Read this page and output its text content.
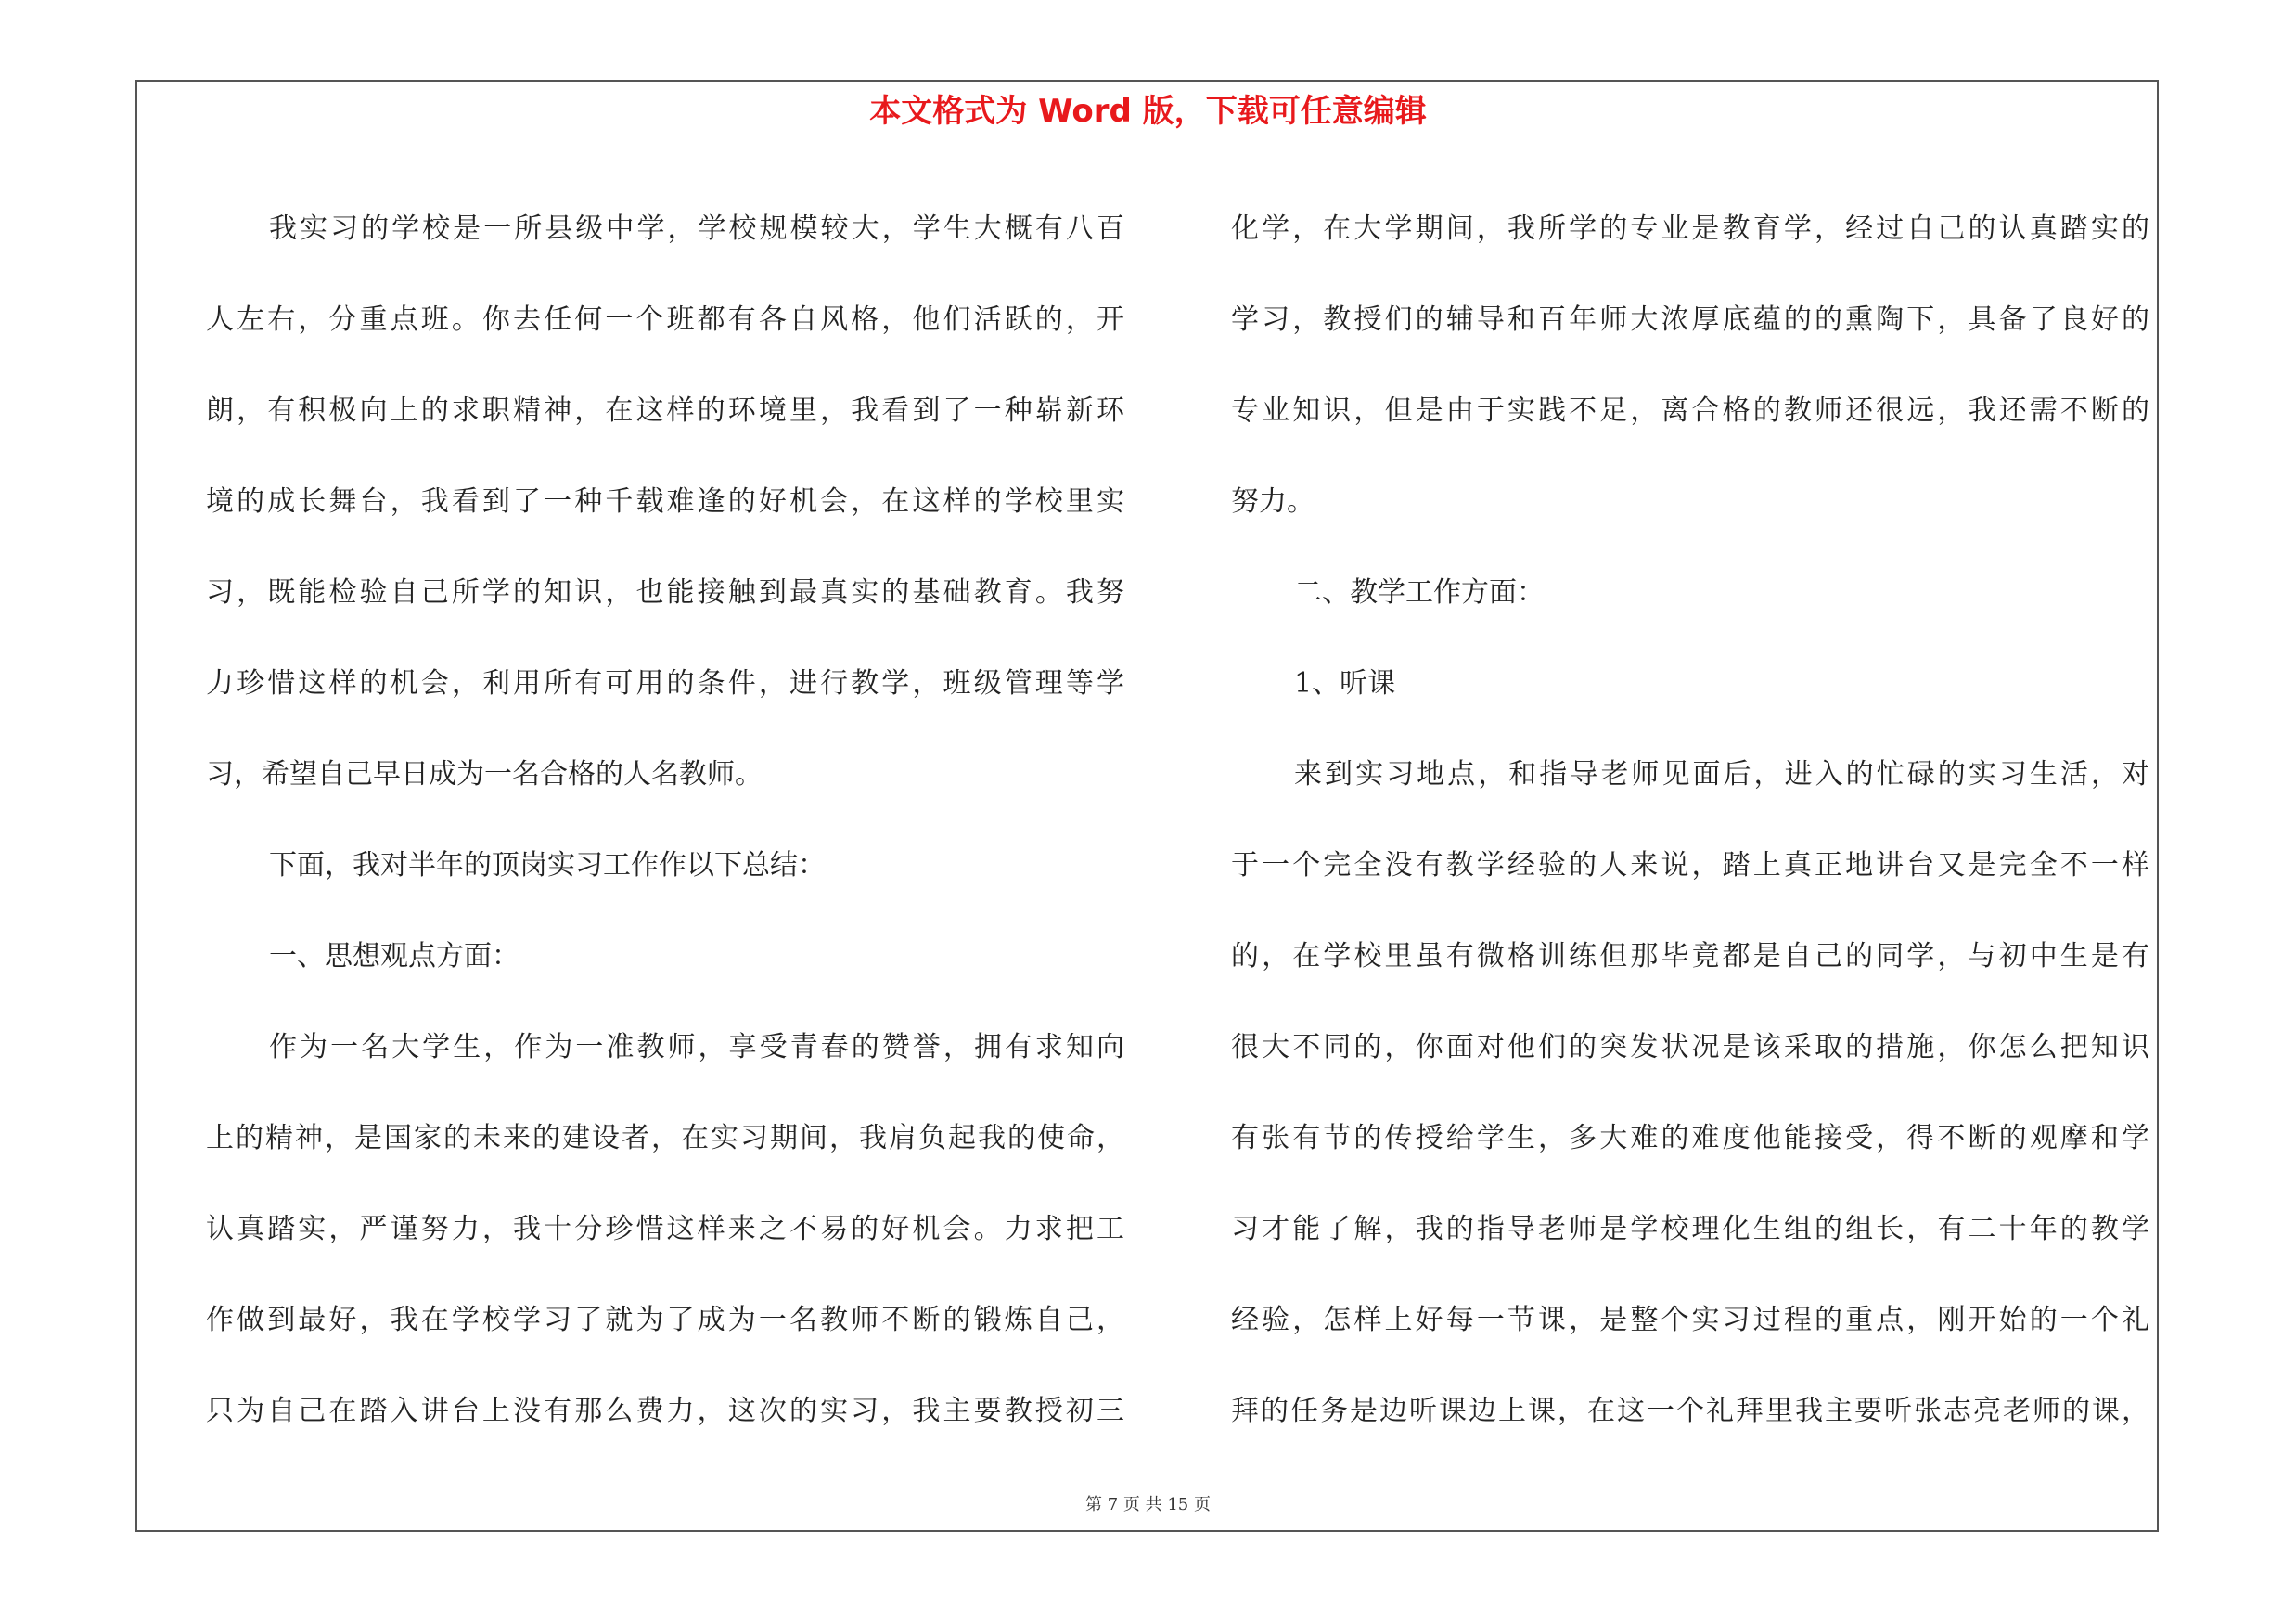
本文格式为 Word 版，下载可任意编辑

我实习的学校是一所县级中学，学校规模较大，学生大概有八百

人左右，分重点班。你去任何一个班都有各自风格，他们活跃的，开

朗，有积极向上的求职精神，在这样的环境里，我看到了一种崭新环

境的成长舞台，我看到了一种千载难逢的好机会，在这样的学校里实

习，既能检验自己所学的知识，也能接触到最真实的基础教育。我努

力珍惜这样的机会，利用所有可用的条件，进行教学，班级管理等学

习，希望自己早日成为一名合格的人名教师。

下面，我对半年的顶岗实习工作作以下总结：

一、思想观点方面：

作为一名大学生，作为一准教师，享受青春的赞誉，拥有求知向

上的精神，是国家的未来的建设者，在实习期间，我肩负起我的使命，

认真踏实，严谨努力，我十分珍惜这样来之不易的好机会。力求把工

作做到最好，我在学校学习了就为了成为一名教师不断的锻炼自己，

只为自己在踏入讲台上没有那么费力，这次的实习，我主要教授初三

化学，在大学期间，我所学的专业是教育学，经过自己的认真踏实的

学习，教授们的辅导和百年师大浓厚底蕴的的熏陶下，具备了良好的

专业知识，但是由于实践不足，离合格的教师还很远，我还需不断的

努力。

二、教学工作方面：

1、听课

来到实习地点，和指导老师见面后，进入的忙碌的实习生活，对

于一个完全没有教学经验的人来说，踏上真正地讲台又是完全不一样

的，在学校里虽有微格训练但那毕竟都是自己的同学，与初中生是有

很大不同的，你面对他们的突发状况是该采取的措施，你怎么把知识

有张有节的传授给学生，多大难的难度他能接受，得不断的观摩和学

习才能了解，我的指导老师是学校理化生组的组长，有二十年的教学

经验，怎样上好每一节课，是整个实习过程的重点，刚开始的一个礼

拜的任务是边听课边上课，在这一个礼拜里我主要听张志亮老师的课，

第 7 页 共 15 页
